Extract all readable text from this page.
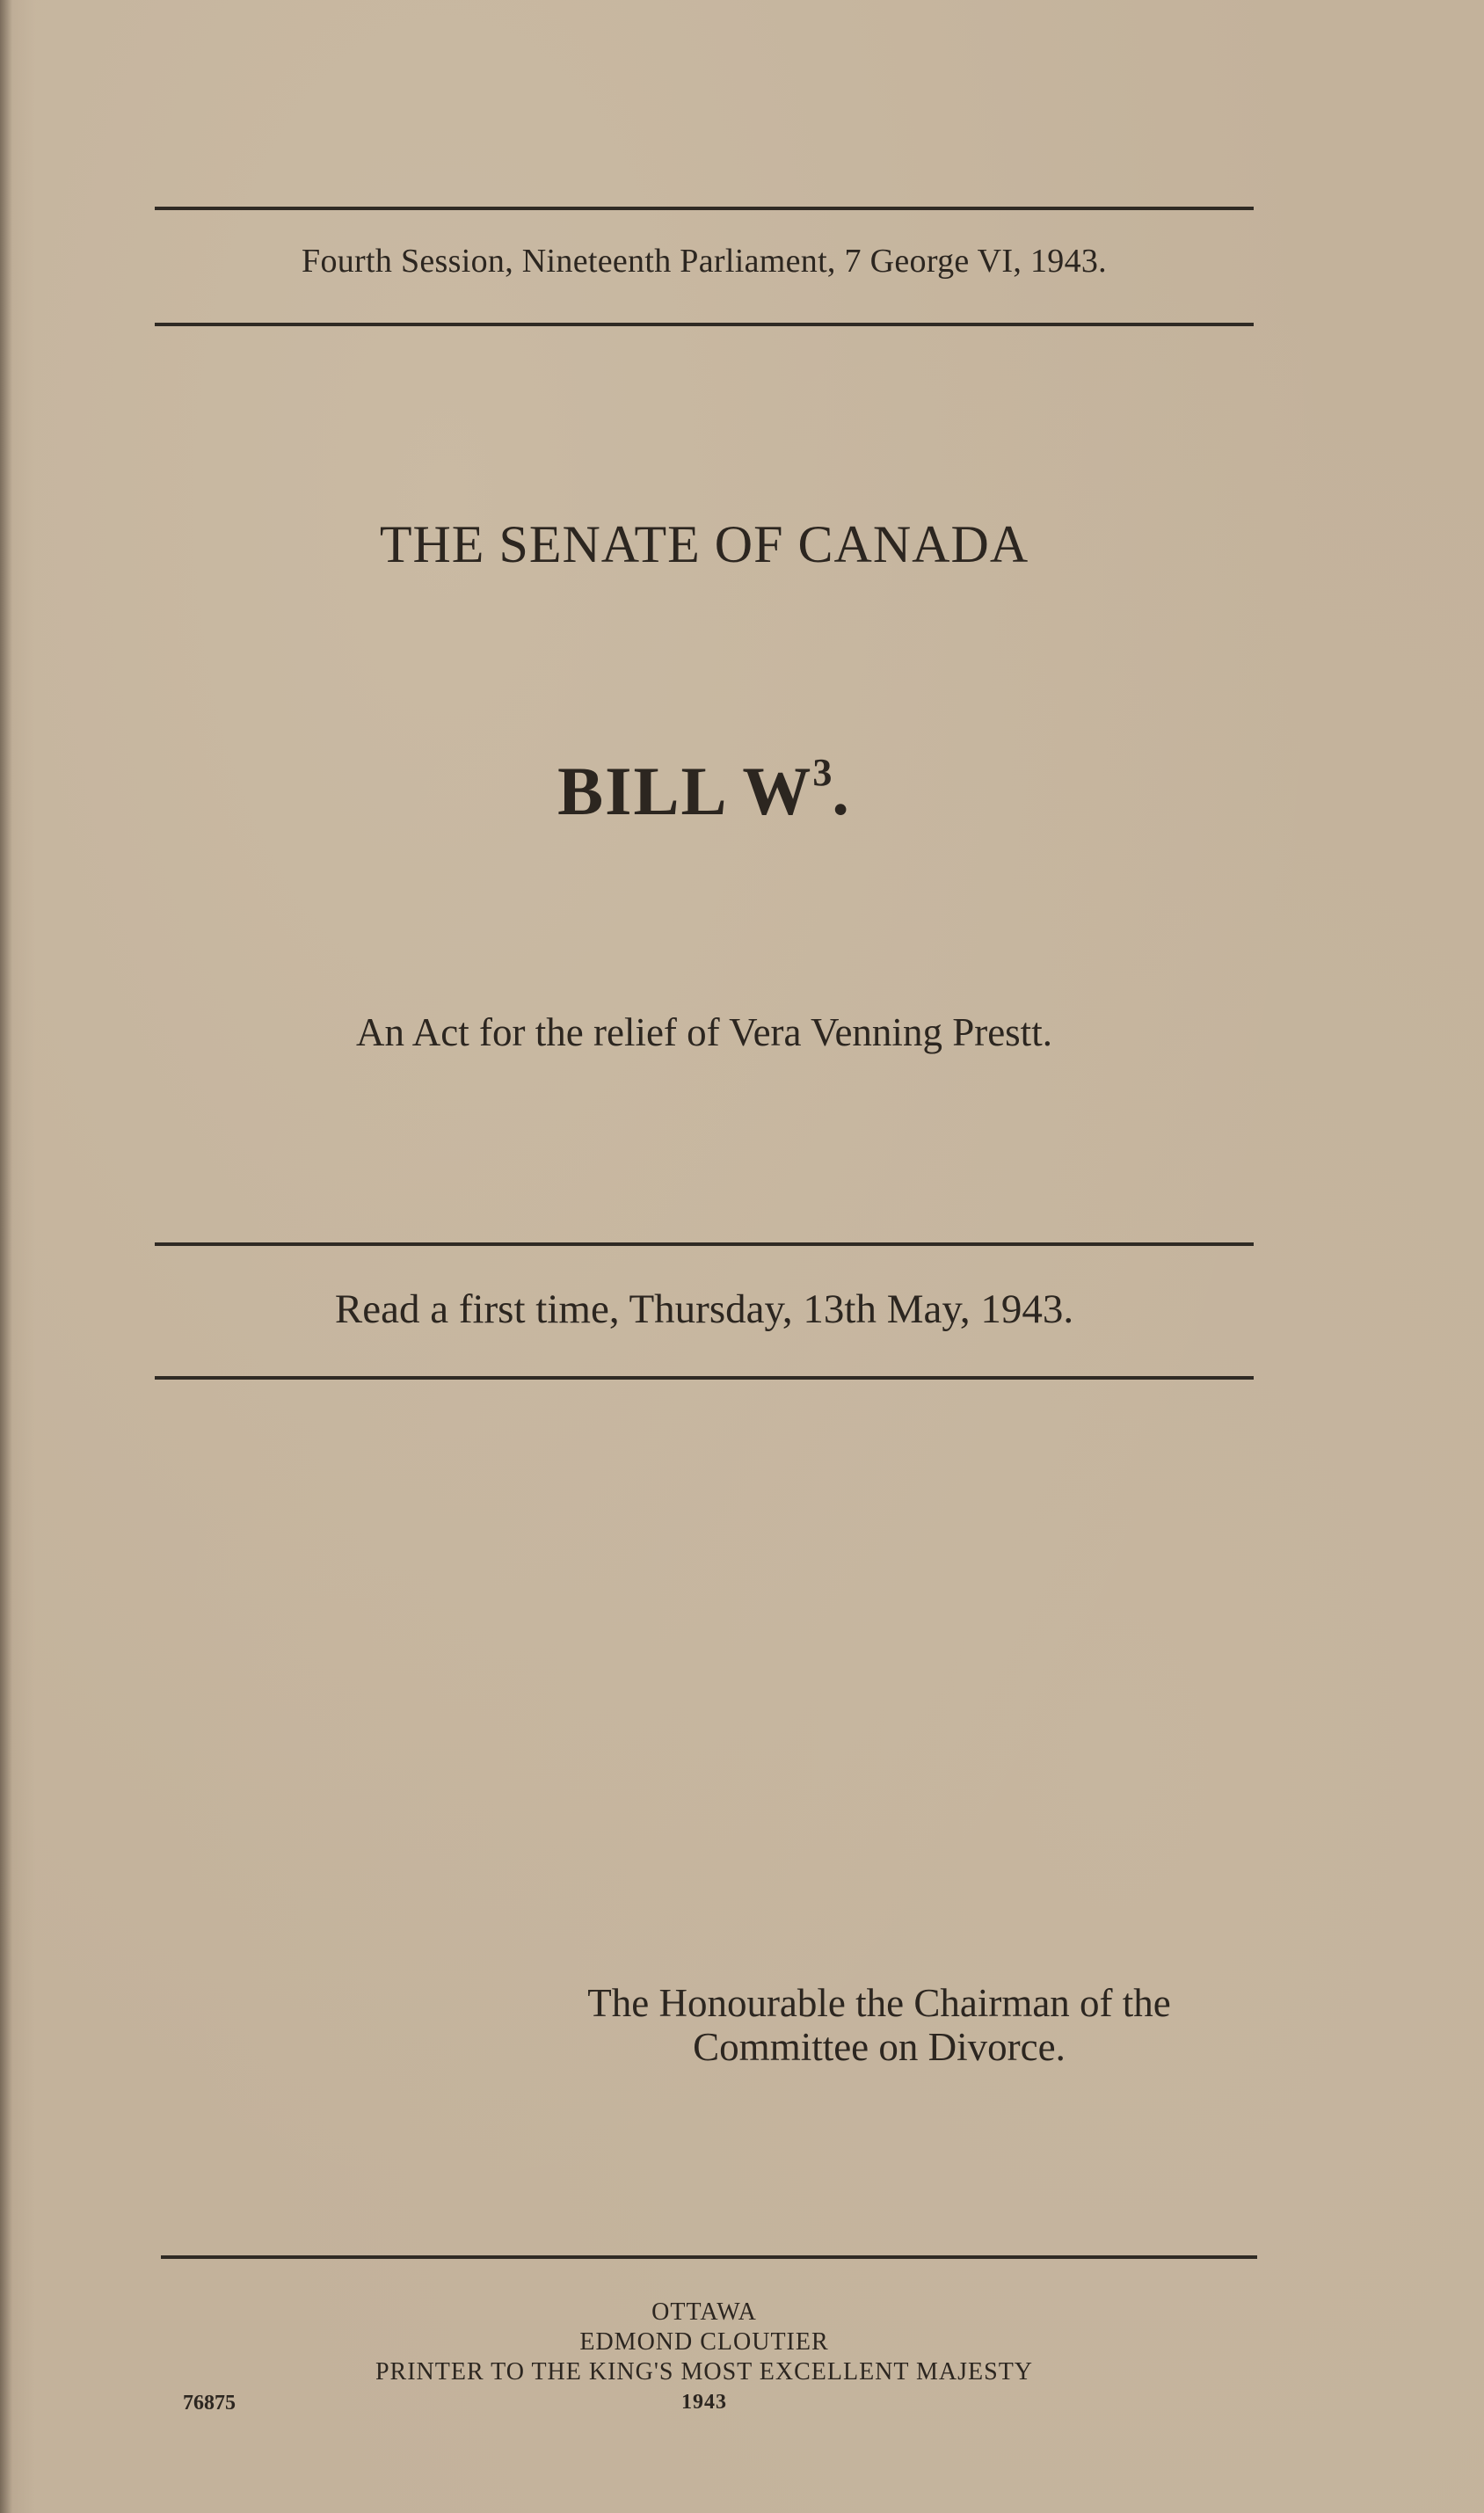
Fourth Session, Nineteenth Parliament, 7 George VI, 1943.
THE SENATE OF CANADA
BILL $W^3$.
An Act for the relief of Vera Venning Prestt.
Read a first time, Thursday, 13th May, 1943.
The Honourable the Chairman of the
Committee on Divorce.
OTTAWA
EDMOND CLOUTIER
PRINTER TO THE KING'S MOST EXCELLENT MAJESTY
1943
76875
